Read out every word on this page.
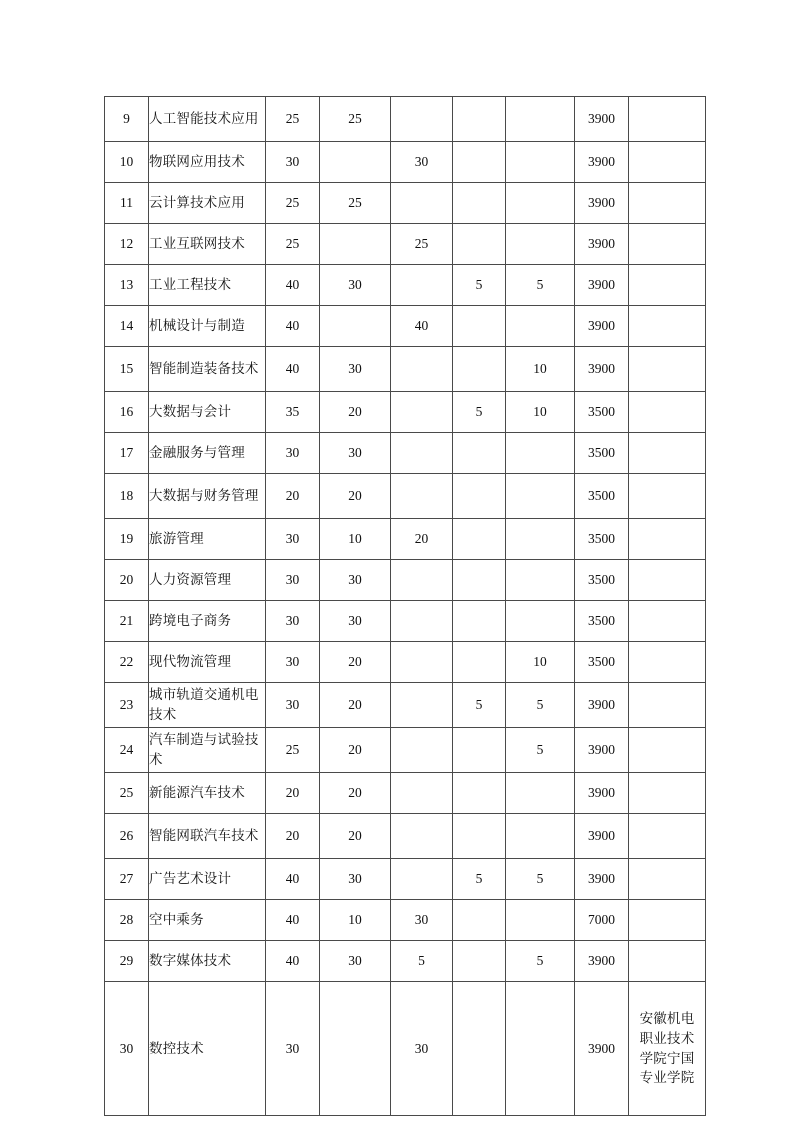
9	人工智能技术应用	25	25				3900	
10	物联网应用技术	30		30			3900	
11	云计算技术应用	25	25				3900	
12	工业互联网技术	25		25			3900	
13	工业工程技术	40	30		5	5	3900	
14	机械设计与制造	40		40			3900	
15	智能制造装备技术	40	30			10	3900	
16	大数据与会计	35	20		5	10	3500	
17	金融服务与管理	30	30				3500	
18	大数据与财务管理	20	20				3500	
19	旅游管理	30	10	20			3500	
20	人力资源管理	30	30				3500	
21	跨境电子商务	30	30				3500	
22	现代物流管理	30	20			10	3500	
23	城市轨道交通机电技术	30	20		5	5	3900	
24	汽车制造与试验技术	25	20			5	3900	
25	新能源汽车技术	20	20				3900	
26	智能网联汽车技术	20	20				3900	
27	广告艺术设计	40	30		5	5	3900	
28	空中乘务	40	10	30			7000	
29	数字媒体技术	40	30	5		5	3900	
30	数控技术	30		30			3900	安徽机电
职业技术
学院宁国
专业学院
